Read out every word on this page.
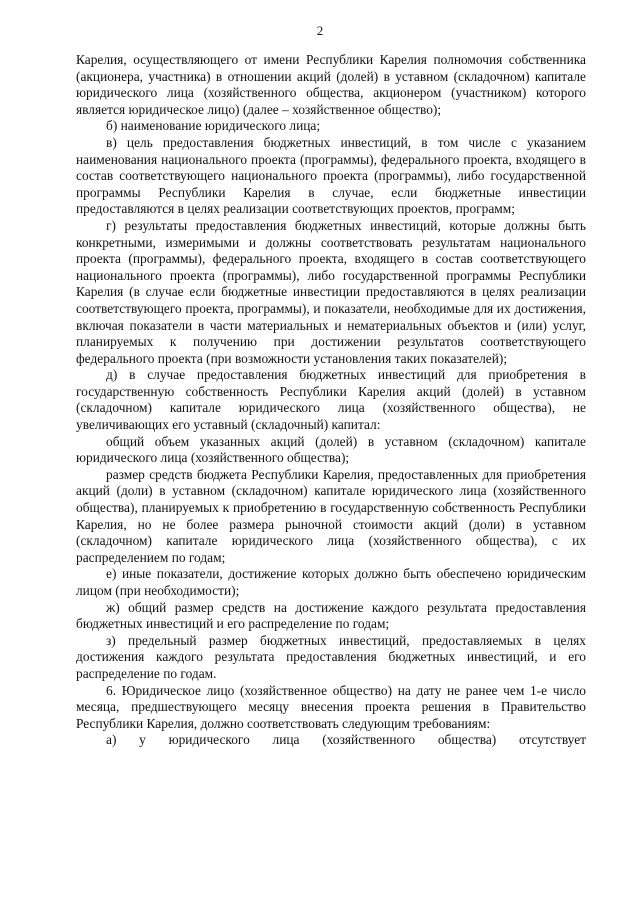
2

Карелия, осуществляющего от имени Республики Карелия полномочия собственника (акционера, участника) в отношении акций (долей) в уставном (складочном) капитале юридического лица (хозяйственного общества, акционером (участником) которого является юридическое лицо) (далее – хозяйственное общество);

б) наименование юридического лица;

в) цель предоставления бюджетных инвестиций, в том числе с указанием наименования национального проекта (программы), федерального проекта, входящего в состав соответствующего национального проекта (программы), либо государственной программы Республики Карелия в случае, если бюджетные инвестиции предоставляются в целях реализации соответствующих проектов, программ;

г) результаты предоставления бюджетных инвестиций, которые должны быть конкретными, измеримыми и должны соответствовать результатам национального проекта (программы), федерального проекта, входящего в состав соответствующего национального проекта (программы), либо государственной программы Республики Карелия (в случае если бюджетные инвестиции предоставляются в целях реализации соответствующего проекта, программы), и показатели, необходимые для их достижения, включая показатели в части материальных и нематериальных объектов и (или) услуг, планируемых к получению при достижении результатов соответствующего федерального проекта (при возможности установления таких показателей);

д) в случае предоставления бюджетных инвестиций для приобретения в государственную собственность Республики Карелия акций (долей) в уставном (складочном) капитале юридического лица (хозяйственного общества), не увеличивающих его уставный (складочный) капитал:

общий объем указанных акций (долей) в уставном (складочном) капитале юридического лица (хозяйственного общества);

размер средств бюджета Республики Карелия, предоставленных для приобретения акций (доли) в уставном (складочном) капитале юридического лица (хозяйственного общества), планируемых к приобретению в государственную собственность Республики Карелия, но не более размера рыночной стоимости акций (доли) в уставном (складочном) капитале юридического лица (хозяйственного общества), с их распределением по годам;

е) иные показатели, достижение которых должно быть обеспечено юридическим лицом (при необходимости);

ж) общий размер средств на достижение каждого результата предоставления бюджетных инвестиций и его распределение по годам;

з) предельный размер бюджетных инвестиций, предоставляемых в целях достижения каждого результата предоставления бюджетных инвестиций, и его распределение по годам.

6. Юридическое лицо (хозяйственное общество) на дату не ранее чем 1-е число месяца, предшествующего месяцу внесения проекта решения в Правительство Республики Карелия, должно соответствовать следующим требованиям:

а) у юридического лица (хозяйственного общества) отсутствует
